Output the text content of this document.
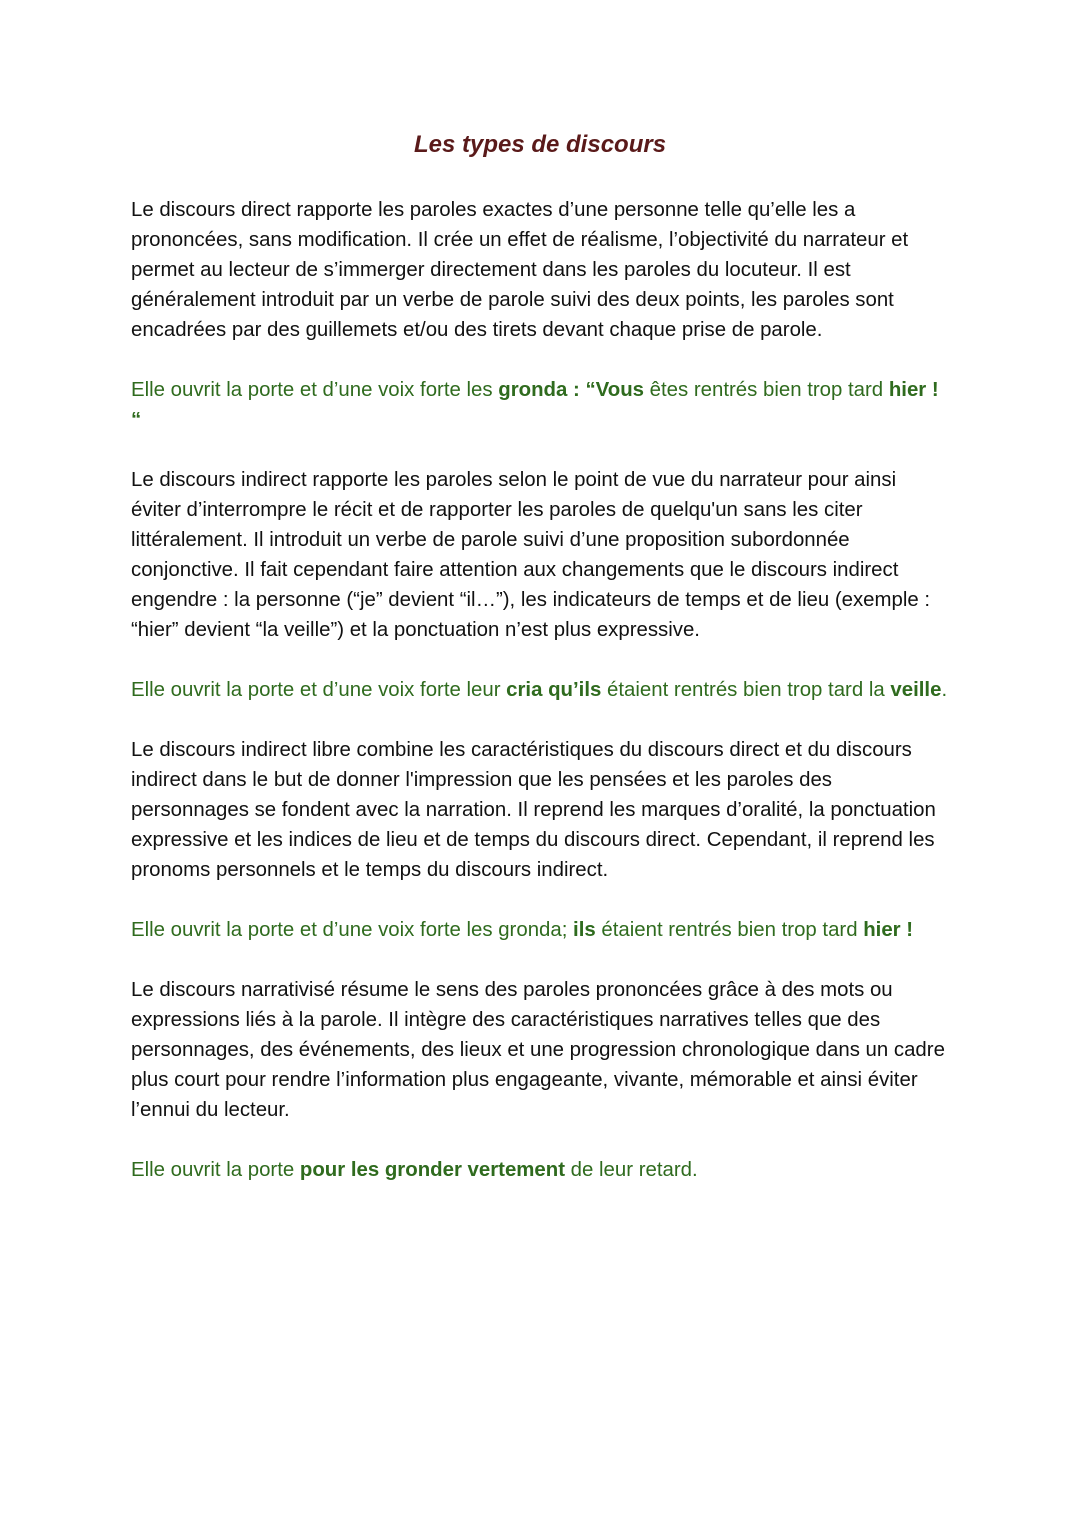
Les types de discours

Le discours direct rapporte les paroles exactes d’une personne telle qu’elle les a prononcées, sans modification. Il crée un effet de réalisme, l’objectivité du narrateur et permet au lecteur de s’immerger directement dans les paroles du locuteur. Il est généralement introduit par un verbe de parole suivi des deux points, les paroles sont encadrées par des guillemets et/ou des tirets devant chaque prise de parole.

Elle ouvrit la porte et d’une voix forte les gronda : “Vous êtes rentrés bien trop tard hier ! “

Le discours indirect rapporte les paroles selon le point de vue du narrateur pour ainsi éviter d’interrompre le récit et de rapporter les paroles de quelqu'un sans les citer littéralement. Il introduit un verbe de parole suivi d’une proposition subordonnée conjonctive. Il fait cependant faire attention aux changements que le discours indirect engendre : la personne (“je” devient “il…”), les indicateurs de temps et de lieu (exemple : “hier” devient “la veille”) et la ponctuation n’est plus expressive.

Elle ouvrit la porte et d’une voix forte leur cria qu’ils étaient rentrés bien trop tard la veille.

Le discours indirect libre combine les caractéristiques du discours direct et du discours indirect dans le but de donner l'impression que les pensées et les paroles des personnages se fondent avec la narration. Il reprend les marques d’oralité, la ponctuation expressive et les indices de lieu et de temps du discours direct. Cependant, il reprend les pronoms personnels et le temps du discours indirect.

Elle ouvrit la porte et d’une voix forte les gronda; ils étaient rentrés bien trop tard hier !

Le discours narrativisé résume le sens des paroles prononcées grâce à des mots ou expressions liés à la parole. Il intègre des caractéristiques narratives telles que des personnages, des événements, des lieux et une progression chronologique dans un cadre plus court pour rendre l’information plus engageante, vivante, mémorable et ainsi éviter l’ennui du lecteur.

Elle ouvrit la porte pour les gronder vertement de leur retard.
